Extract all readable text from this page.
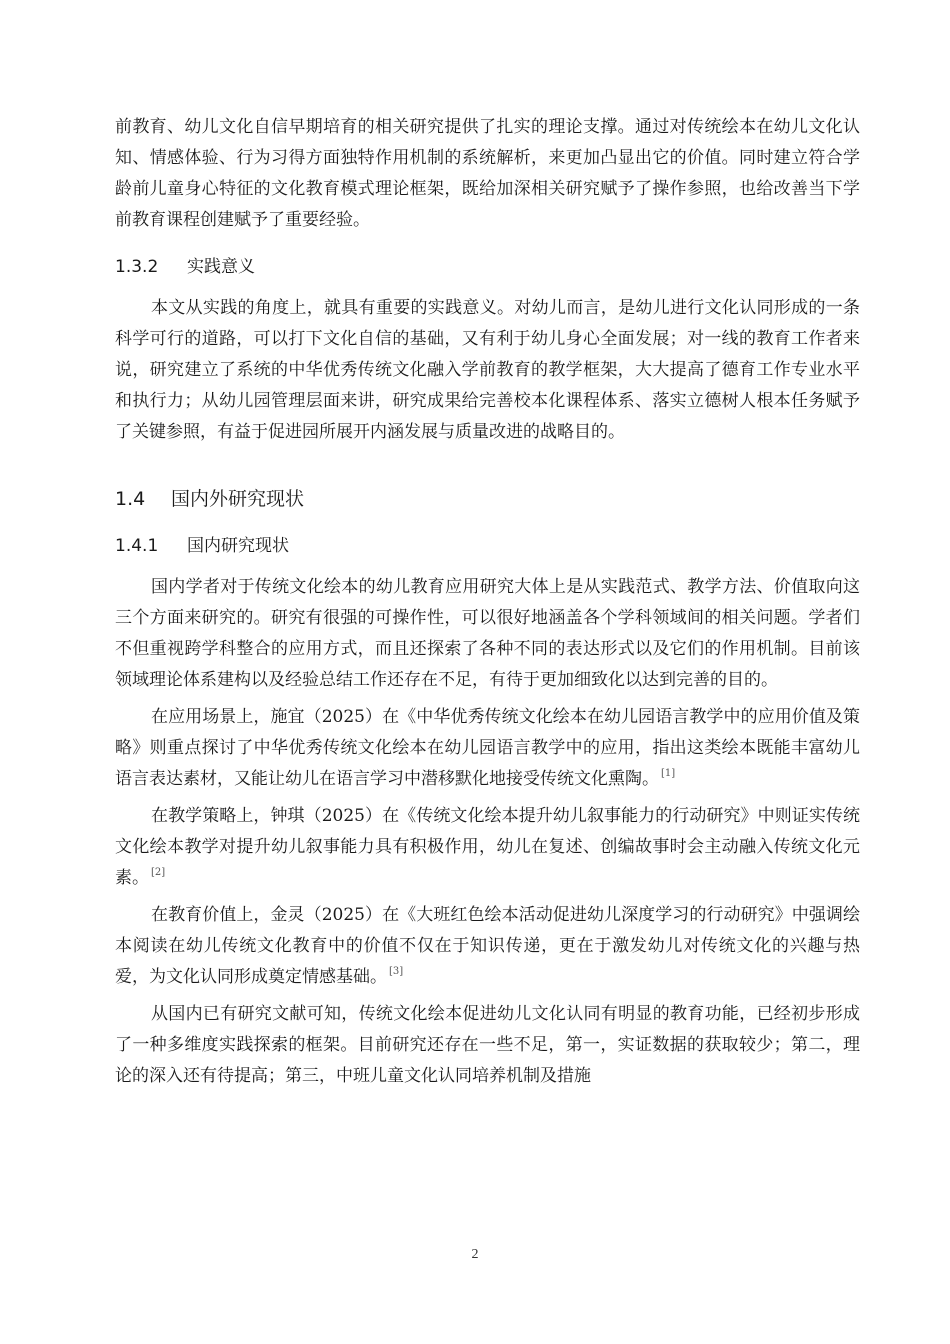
前教育、幼儿文化自信早期培育的相关研究提供了扎实的理论支撑。通过对传统绘本在幼儿文化认知、情感体验、行为习得方面独特作用机制的系统解析，来更加凸显出它的价值。同时建立符合学龄前儿童身心特征的文化教育模式理论框架，既给加深相关研究赋予了操作参照，也给改善当下学前教育课程创建赋予了重要经验。

1.3.2 实践意义

本文从实践的角度上，就具有重要的实践意义。对幼儿而言，是幼儿进行文化认同形成的一条科学可行的道路，可以打下文化自信的基础，又有利于幼儿身心全面发展；对一线的教育工作者来说，研究建立了系统的中华优秀传统文化融入学前教育的教学框架，大大提高了德育工作专业水平和执行力；从幼儿园管理层面来讲，研究成果给完善校本化课程体系、落实立德树人根本任务赋予了关键参照，有益于促进园所展开内涵发展与质量改进的战略目的。

1.4 国内外研究现状
1.4.1 国内研究现状

国内学者对于传统文化绘本的幼儿教育应用研究大体上是从实践范式、教学方法、价值取向这三个方面来研究的。研究有很强的可操作性，可以很好地涵盖各个学科领域间的相关问题。学者们不但重视跨学科整合的应用方式，而且还探索了各种不同的表达形式以及它们的作用机制。目前该领域理论体系建构以及经验总结工作还存在不足，有待于更加细致化以达到完善的目的。

在应用场景上，施宜（2025）在《中华优秀传统文化绘本在幼儿园语言教学中的应用价值及策略》则重点探讨了中华优秀传统文化绘本在幼儿园语言教学中的应用，指出这类绘本既能丰富幼儿语言表达素材，又能让幼儿在语言学习中潜移默化地接受传统文化熏陶。 [1]

在教学策略上，钟琪（2025）在《传统文化绘本提升幼儿叙事能力的行动研究》中则证实传统文化绘本教学对提升幼儿叙事能力具有积极作用，幼儿在复述、创编故事时会主动融入传统文化元素。 [2]

在教育价值上，金灵（2025）在《大班红色绘本活动促进幼儿深度学习的行动研究》中强调绘本阅读在幼儿传统文化教育中的价值不仅在于知识传递，更在于激发幼儿对传统文化的兴趣与热爱，为文化认同形成奠定情感基础。 [3]

从国内已有研究文献可知，传统文化绘本促进幼儿文化认同有明显的教育功能，已经初步形成了一种多维度实践探索的框架。目前研究还存在一些不足，第一，实证数据的获取较少；第二，理论的深入还有待提高；第三，中班儿童文化认同培养机制及措施

2
